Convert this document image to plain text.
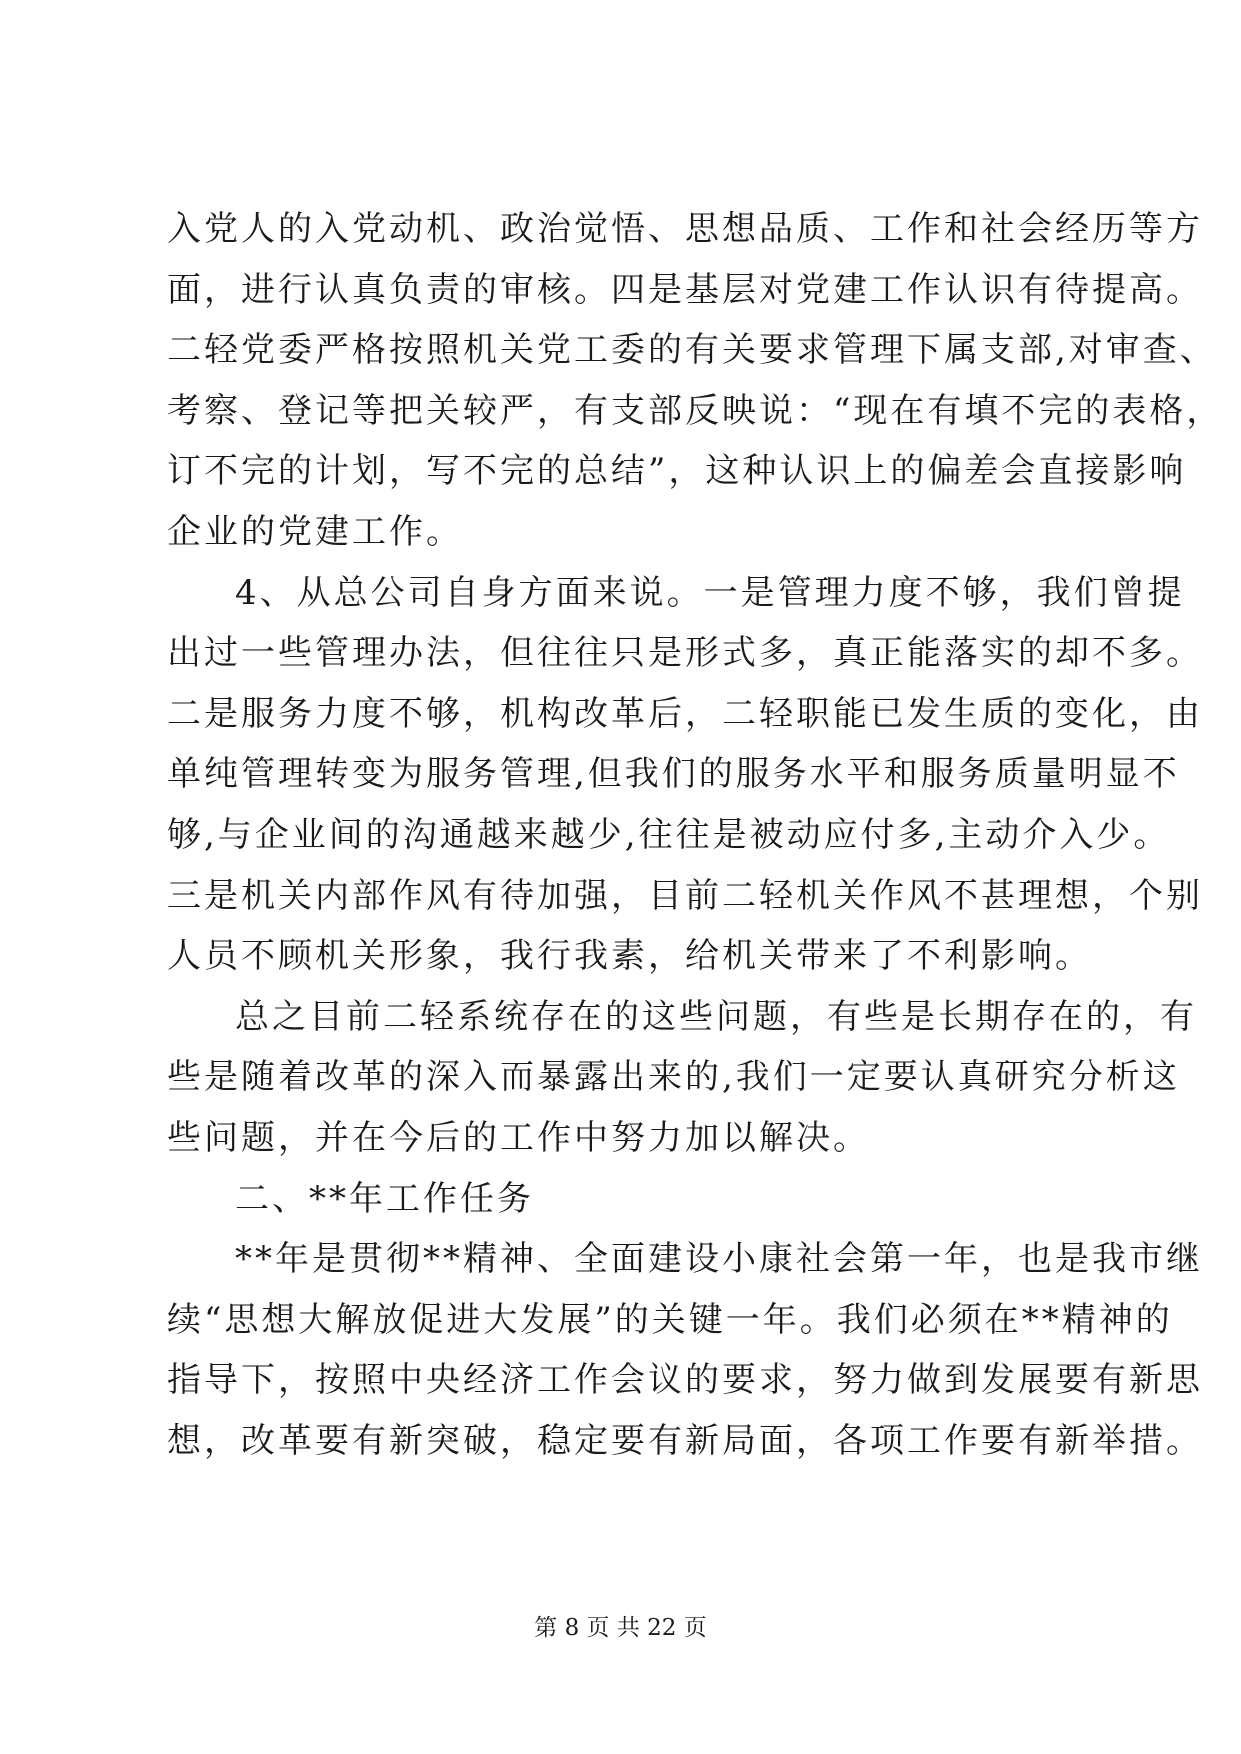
入党人的入党动机、政治觉悟、思想品质、工作和社会经历等方
面，进行认真负责的审核。四是基层对党建工作认识有待提高。
二轻党委严格按照机关党工委的有关要求管理下属支部,对审查、
考察、登记等把关较严，有支部反映说：“现在有填不完的表格，
订不完的计划，写不完的总结”，这种认识上的偏差会直接影响
企业的党建工作。
4、从总公司自身方面来说。一是管理力度不够，我们曾提
出过一些管理办法，但往往只是形式多，真正能落实的却不多。
二是服务力度不够，机构改革后，二轻职能已发生质的变化，由
单纯管理转变为服务管理,但我们的服务水平和服务质量明显不
够,与企业间的沟通越来越少,往往是被动应付多,主动介入少。
三是机关内部作风有待加强，目前二轻机关作风不甚理想，个别
人员不顾机关形象，我行我素，给机关带来了不利影响。
总之目前二轻系统存在的这些问题，有些是长期存在的，有
些是随着改革的深入而暴露出来的,我们一定要认真研究分析这
些问题，并在今后的工作中努力加以解决。
二、**年工作任务
**年是贯彻**精神、全面建设小康社会第一年，也是我市继
续“思想大解放促进大发展”的关键一年。我们必须在**精神的
指导下，按照中央经济工作会议的要求，努力做到发展要有新思
想，改革要有新突破，稳定要有新局面，各项工作要有新举措。
第 8 页 共 22 页
